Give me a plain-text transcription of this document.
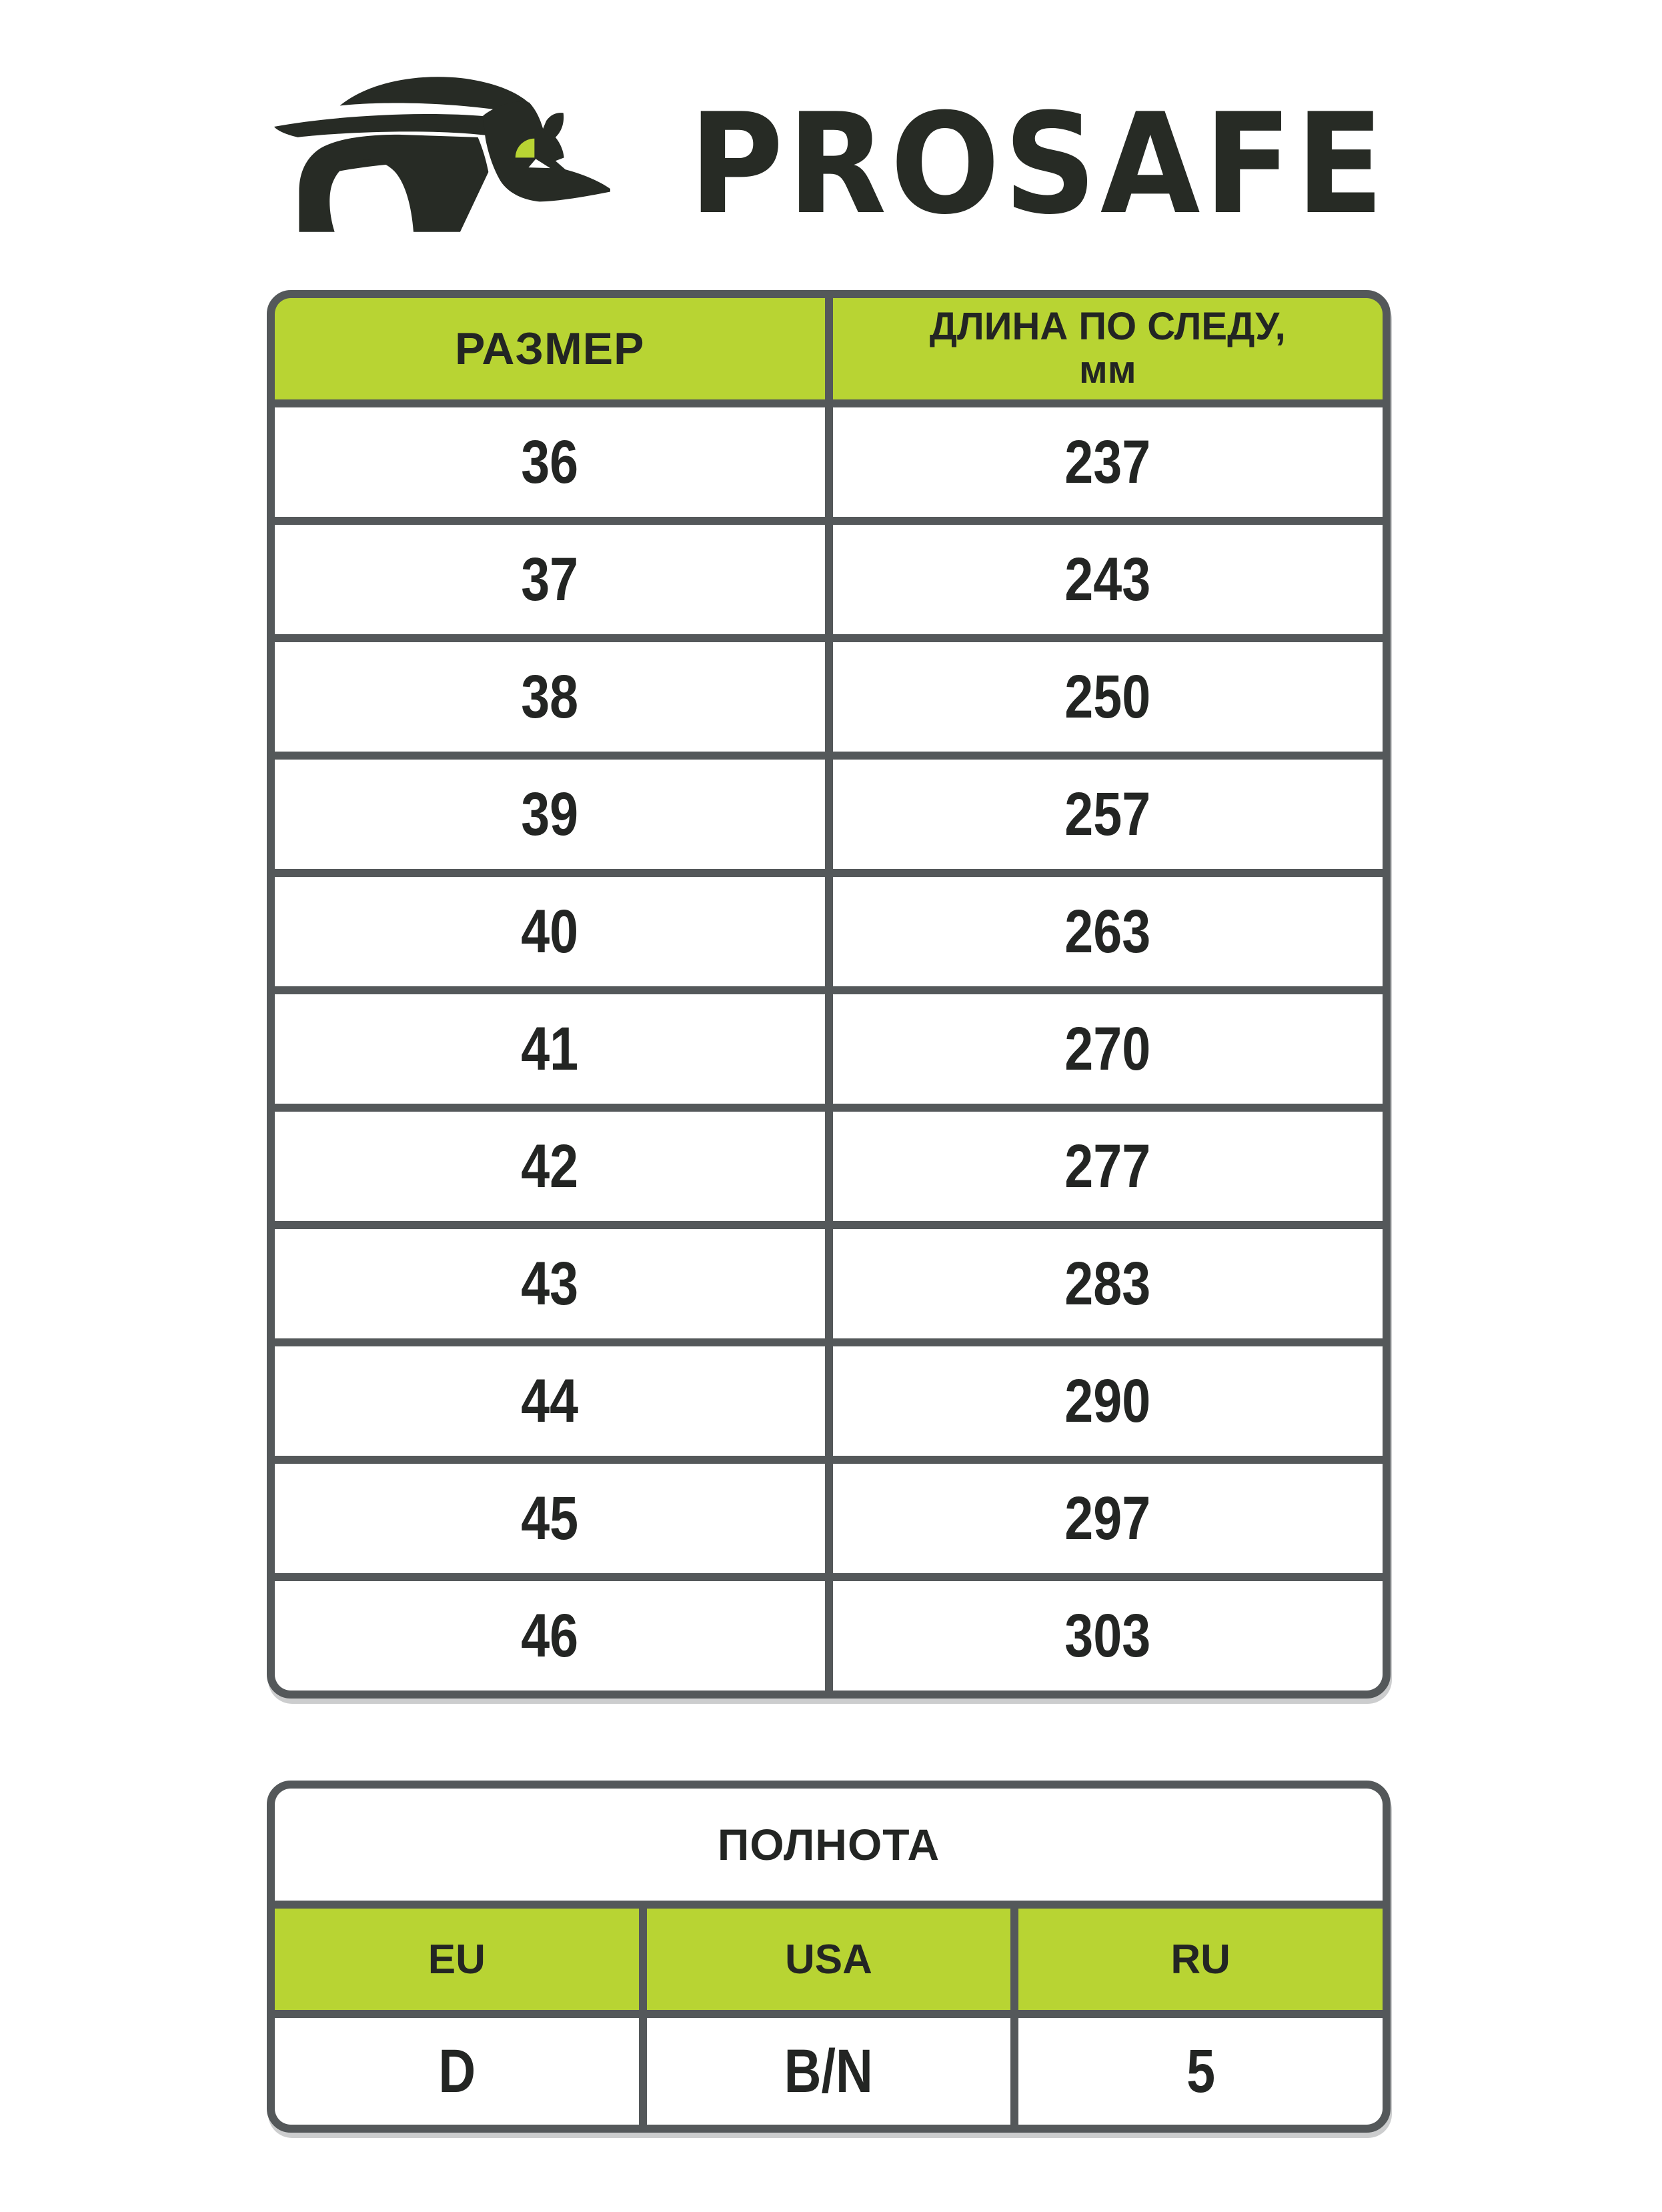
PROSAFE
РАЗМЕР	ДЛИНА ПО СЛЕДУ,
мм
36	237
37	243
38	250
39	257
40	263
41	270
42	277
43	283
44	290
45	297
46	303
ПОЛНОТА
EU	USA	RU
D	B/N	5
